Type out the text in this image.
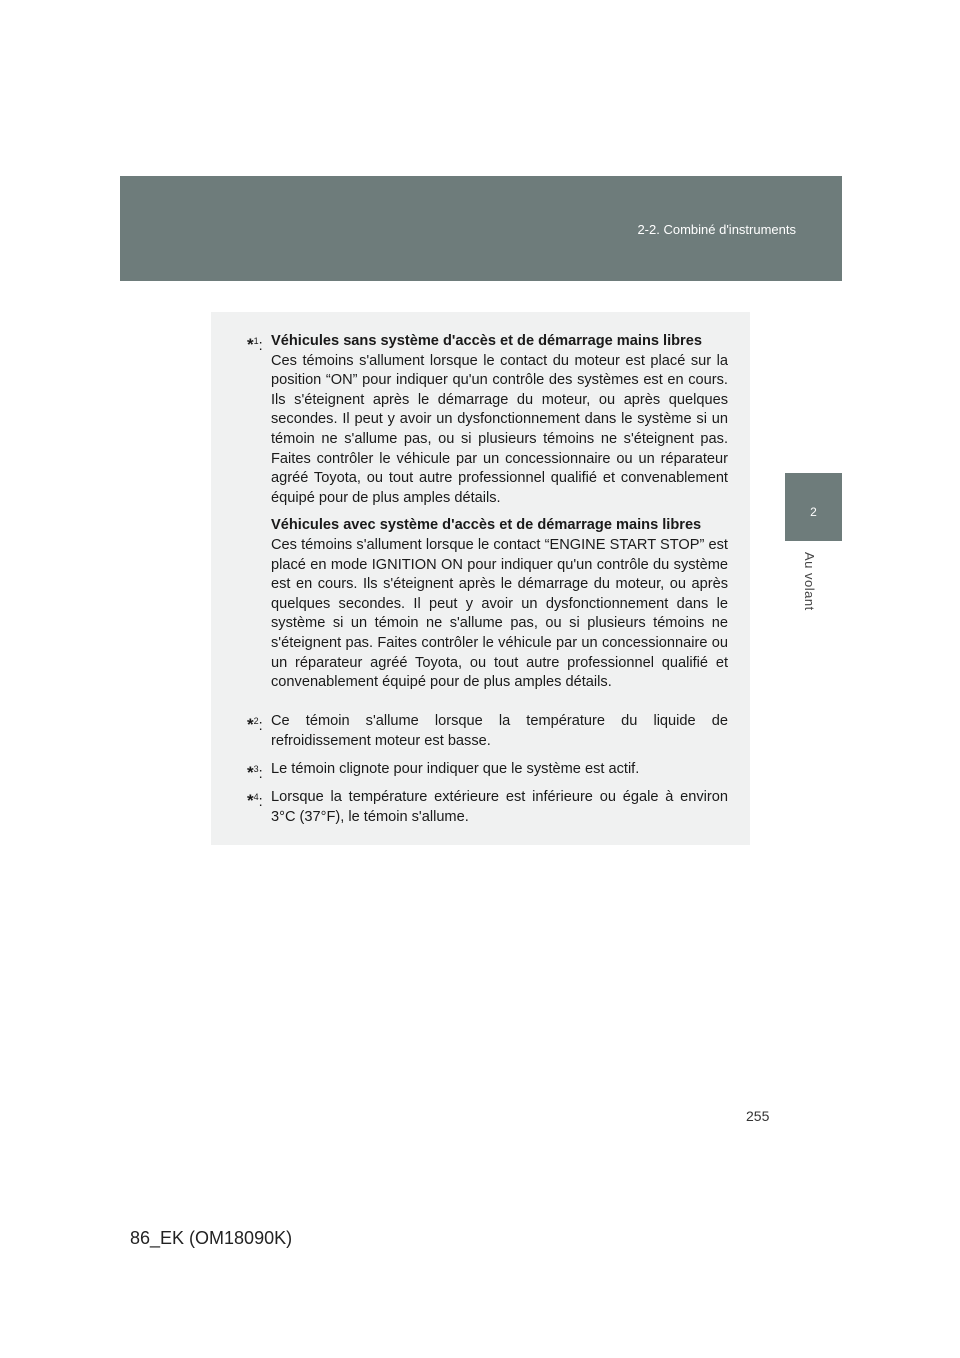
2-2. Combiné d'instruments
2
Au volant
*$^1$: Véhicules sans système d'accès et de démarrage mains libres

Ces témoins s'allument lorsque le contact du moteur est placé sur la position “ON” pour indiquer qu'un contrôle des systèmes est en cours. Ils s'éteignent après le démarrage du moteur, ou après quelques secondes. Il peut y avoir un dysfonctionnement dans le système si un témoin ne s'allume pas, ou si plusieurs témoins ne s'éteignent pas. Faites contrôler le véhicule par un concessionnaire ou un réparateur agréé Toyota, ou tout autre professionnel qualifié et convenablement équipé pour de plus amples détails.

Véhicules avec système d'accès et de démarrage mains libres

Ces témoins s'allument lorsque le contact “ENGINE START STOP” est placé en mode IGNITION ON pour indiquer qu'un contrôle du système est en cours. Ils s'éteignent après le démarrage du moteur, ou après quelques secondes. Il peut y avoir un dysfonctionnement dans le système si un témoin ne s'allume pas, ou si plusieurs témoins ne s'éteignent pas. Faites contrôler le véhicule par un concessionnaire ou un réparateur agréé Toyota, ou tout autre professionnel qualifié et convenablement équipé pour de plus amples détails.

*$^2$: Ce témoin s'allume lorsque la température du liquide de refroidissement moteur est basse.

*$^3$: Le témoin clignote pour indiquer que le système est actif.

*$^4$: Lorsque la température extérieure est inférieure ou égale à environ 3°C (37°F), le témoin s'allume.

255
86_EK (OM18090K)
